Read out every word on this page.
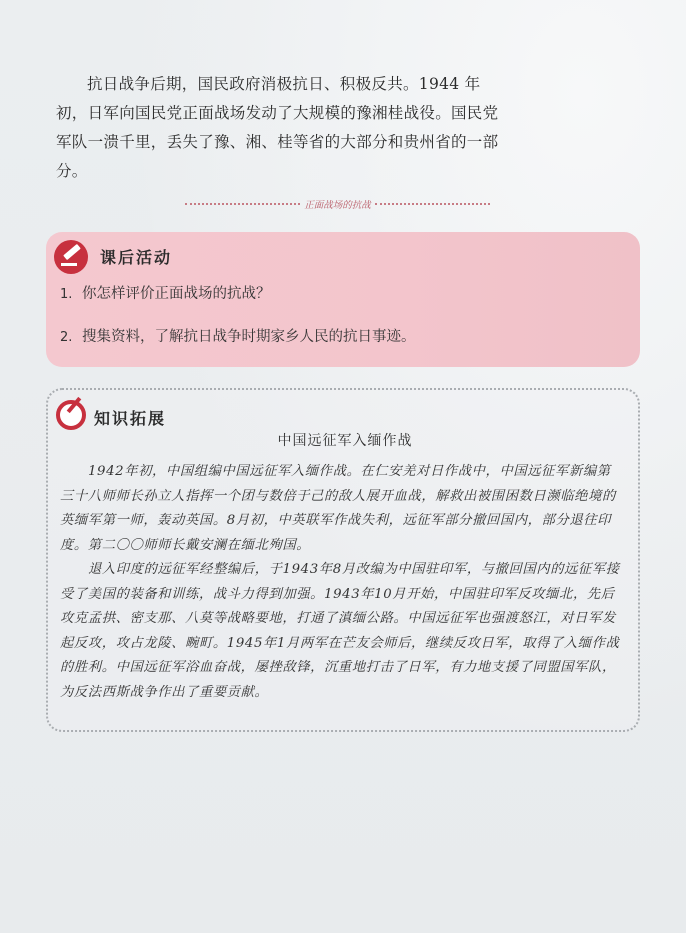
抗日战争后期，国民政府消极抗日、积极反共。1944 年初，日军向国民党正面战场发动了大规模的豫湘桂战役。国民党军队一溃千里，丢失了豫、湘、桂等省的大部分和贵州省的一部分。

正面战场的抗战
课后活动
1. 你怎样评价正面战场的抗战？
2. 搜集资料，了解抗日战争时期家乡人民的抗日事迹。
知识拓展
中国远征军入缅作战

1942年初，中国组编中国远征军入缅作战。在仁安羌对日作战中，中国远征军新编第三十八师师长孙立人指挥一个团与数倍于己的敌人展开血战，解救出被围困数日濒临绝境的英缅军第一师，轰动英国。8月初，中英联军作战失利，远征军部分撤回国内，部分退往印度。第二〇〇师师长戴安澜在缅北殉国。

退入印度的远征军经整编后，于1943年8月改编为中国驻印军，与撤回国内的远征军接受了美国的装备和训练，战斗力得到加强。1943年10月开始，中国驻印军反攻缅北，先后攻克孟拱、密支那、八莫等战略要地，打通了滇缅公路。中国远征军也强渡怒江，对日军发起反攻，攻占龙陵、畹町。1945年1月两军在芒友会师后，继续反攻日军，取得了入缅作战的胜利。中国远征军浴血奋战，屡挫敌锋，沉重地打击了日军，有力地支援了同盟国军队，为反法西斯战争作出了重要贡献。
